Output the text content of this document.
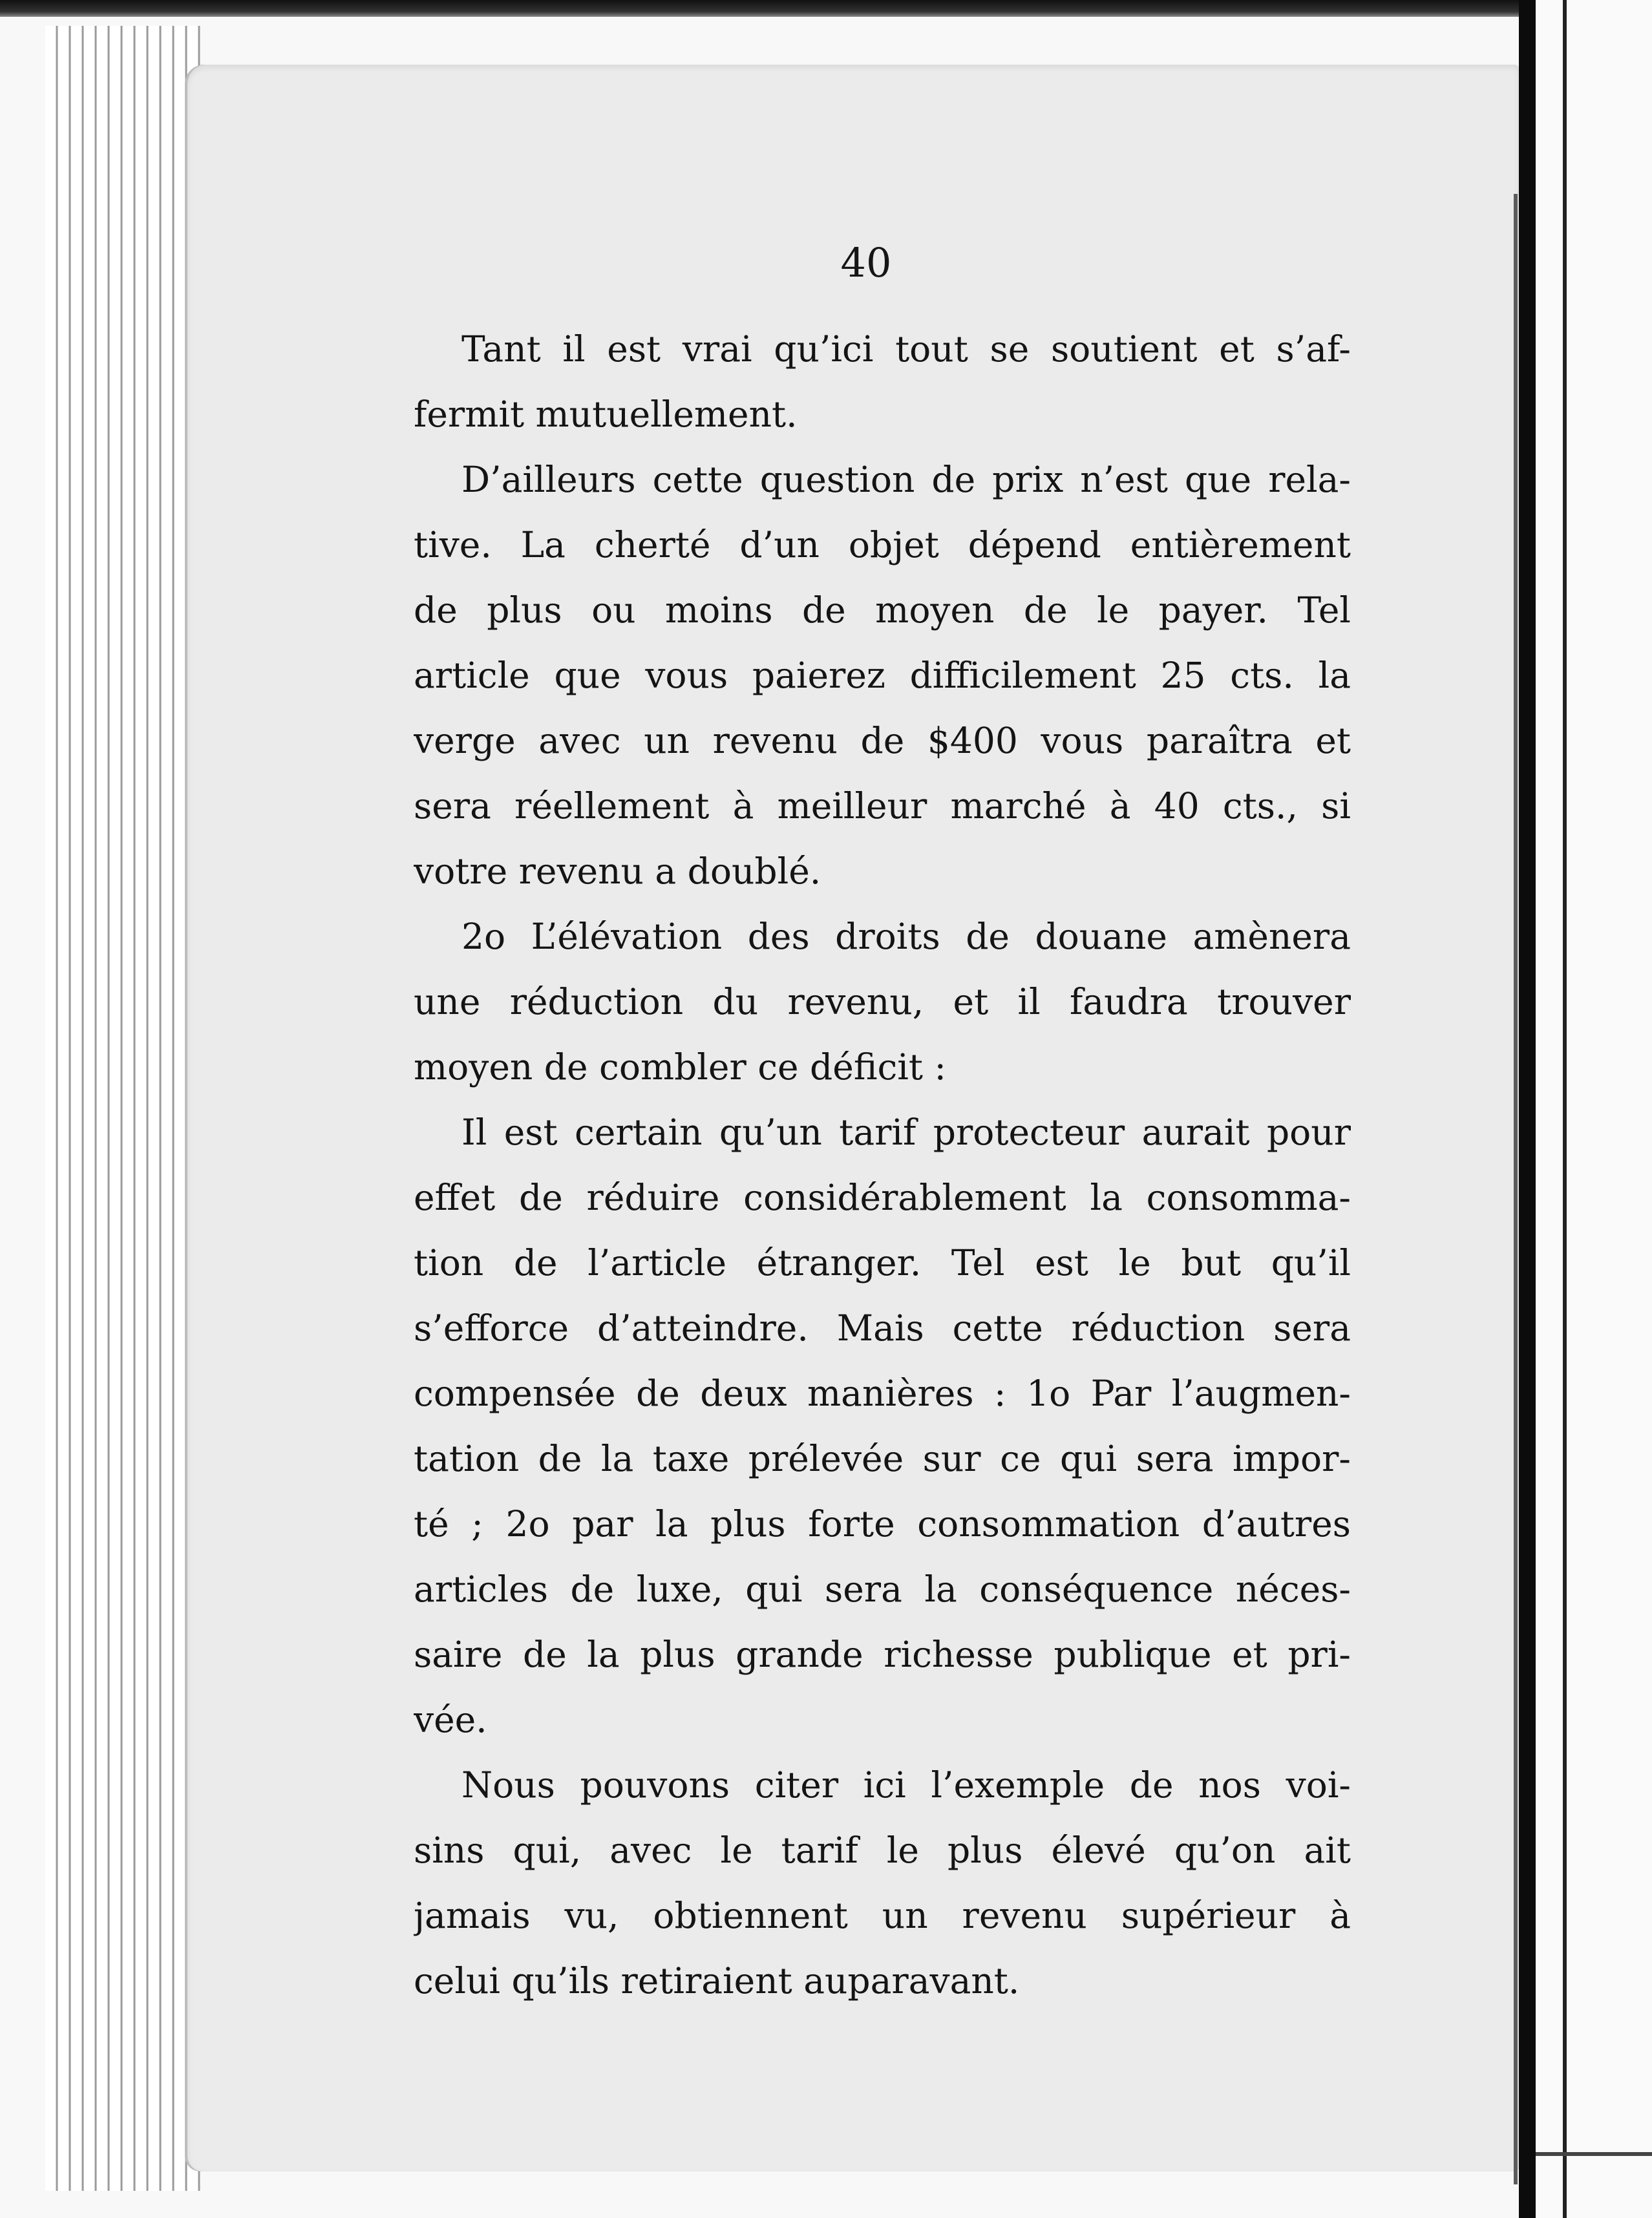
40
Tant il est vrai qu’ici tout se soutient et s’af-
fermit mutuellement.
D’ailleurs cette question de prix n’est que rela-
tive. La cherté d’un objet dépend entièrement
de plus ou moins de moyen de le payer. Tel
article que vous paierez difficilement 25 cts. la
verge avec un revenu de $400 vous paraîtra et
sera réellement à meilleur marché à 40 cts., si
votre revenu a doublé.
2o L’élévation des droits de douane amènera
une réduction du revenu, et il faudra trouver
moyen de combler ce déficit :
Il est certain qu’un tarif protecteur aurait pour
effet de réduire considérablement la consomma-
tion de l’article étranger. Tel est le but qu’il
s’efforce d’atteindre. Mais cette réduction sera
compensée de deux manières : 1o Par l’augmen-
tation de la taxe prélevée sur ce qui sera impor-
té ; 2o par la plus forte consommation d’autres
articles de luxe, qui sera la conséquence néces-
saire de la plus grande richesse publique et pri-
vée.
Nous pouvons citer ici l’exemple de nos voi-
sins qui, avec le tarif le plus élevé qu’on ait
jamais vu, obtiennent un revenu supérieur à
celui qu’ils retiraient auparavant.
